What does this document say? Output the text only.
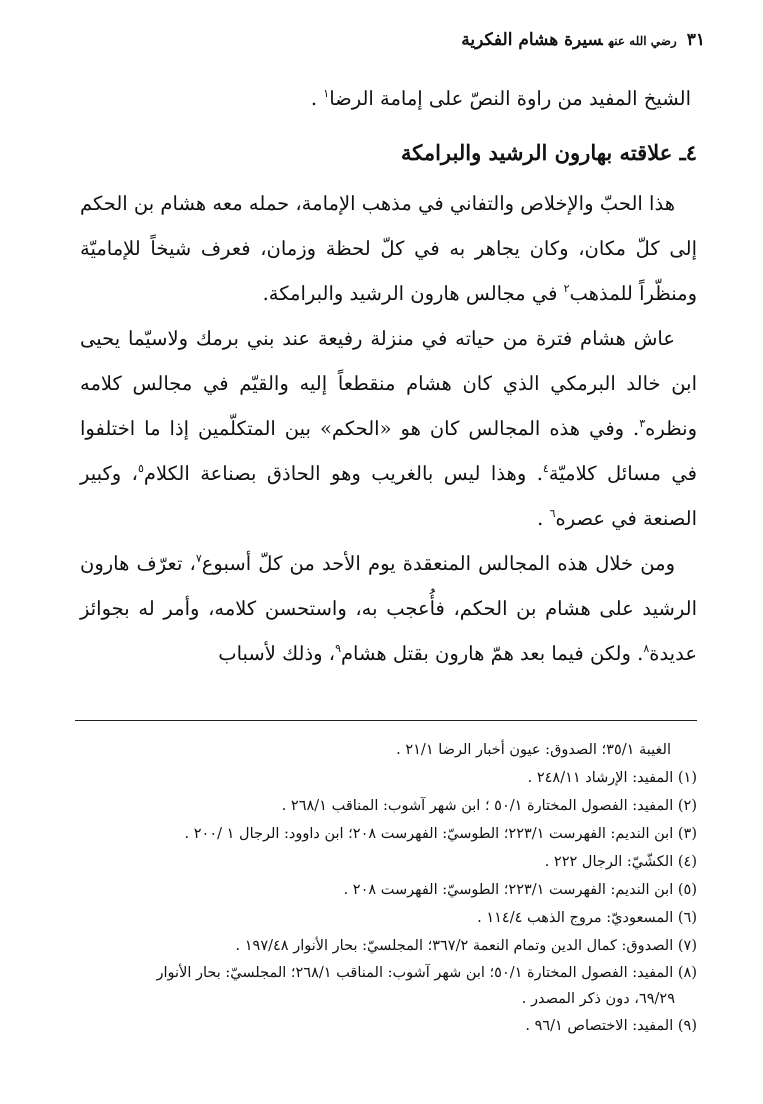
٣١رضي الله عنهسيرة هشام الفكرية

الشيخ المفيد من راوة النصّ على إمامة الرضا$^١$ .

٤ـ علاقته بهارون الرشيد والبرامكة

هذا الحبّ والإخلاص والتفاني في مذهب الإمامة، حمله معه هشام بن الحكم إلى كلّ مكان، وكان يجاهر به في كلّ لحظة وزمان، فعرف شيخاً للإماميّة ومنظّراً للمذهب$^٢$ في مجالس هارون الرشيد والبرامكة.

عاش هشام فترة من حياته في منزلة رفيعة عند بني برمك ولاسيّما يحيى ابن خالد البرمكي الذي كان هشام منقطعاً إليه والقيّم في مجالس كلامه ونظره$^٣$. وفي هذه المجالس كان هو «الحكم» بين المتكلّمين إذا ما اختلفوا في مسائل كلاميّة$^٤$. وهذا ليس بالغريب وهو الحاذق بصناعة الكلام$^٥$، وكبير الصنعة في عصره$^٦$ .

ومن خلال هذه المجالس المنعقدة يوم الأحد من كلّ أسبوع$^٧$، تعرّف هارون الرشيد على هشام بن الحكم، فأُعجب به، واستحسن كلامه، وأمر له بجوائز عديدة$^٨$. ولكن فيما بعد همّ هارون بقتل هشام$^٩$، وذلك لأسباب

الغيبة ٣٥/١؛ الصدوق: عيون أخبار الرضا ٢١/١ .
(١) المفيد: الإرشاد ٢٤٨/١١ .
(٢) المفيد: الفصول المختارة ٥٠/١ ؛ ابن شهر آشوب: المناقب ٢٦٨/١ .
(٣) ابن النديم: الفهرست ٢٢٣/١؛ الطوسيّ: الفهرست ٢٠٨؛ ابن داوود: الرجال ١ /٢٠٠ .
(٤) الكشّيّ: الرجال ٢٢٢ .
(٥) ابن النديم: الفهرست ٢٢٣/١؛ الطوسيّ: الفهرست ٢٠٨ .
(٦) المسعوديّ: مروج الذهب ١١٤/٤ .
(٧) الصدوق: كمال الدين وتمام النعمة ٣٦٧/٢؛ المجلسيّ: بحار الأنوار ١٩٧/٤٨ .
(٨) المفيد: الفصول المختارة ٥٠/١؛ ابن شهر آشوب: المناقب ٢٦٨/١؛ المجلسيّ: بحار الأنوار
٦٩/٢٩، دون ذكر المصدر .
(٩) المفيد: الاختصاص ٩٦/١ .
